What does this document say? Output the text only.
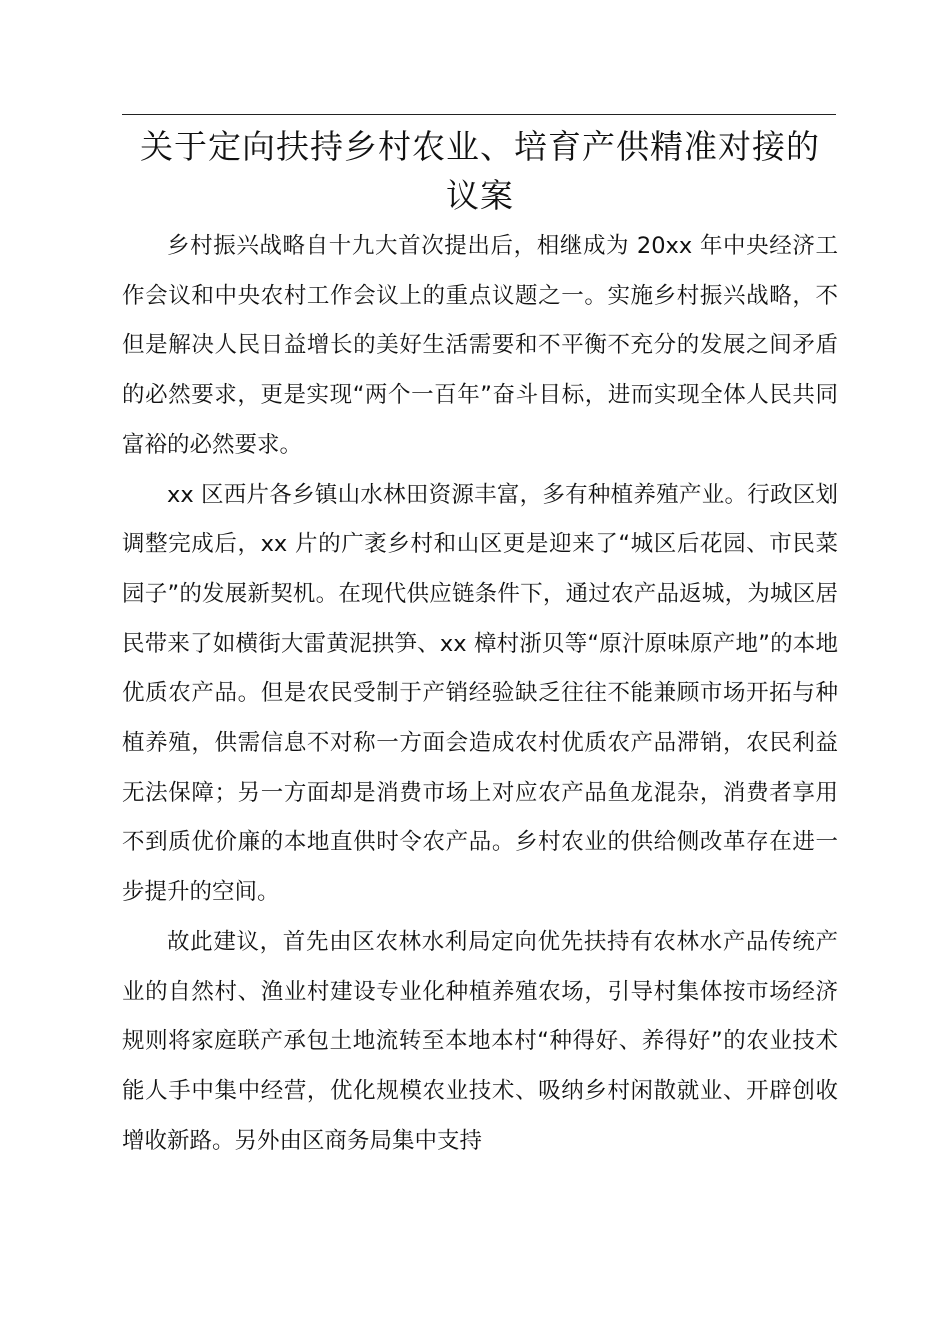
关于定向扶持乡村农业、培育产供精准对接的
议案

乡村振兴战略自十九大首次提出后，相继成为 20xx 年中央经济工作会议和中央农村工作会议上的重点议题之一。实施乡村振兴战略，不但是解决人民日益增长的美好生活需要和不平衡不充分的发展之间矛盾的必然要求，更是实现“两个一百年”奋斗目标，进而实现全体人民共同富裕的必然要求。

xx 区西片各乡镇山水林田资源丰富，多有种植养殖产业。行政区划调整完成后，xx 片的广袤乡村和山区更是迎来了“城区后花园、市民菜园子”的发展新契机。在现代供应链条件下，通过农产品返城，为城区居民带来了如横街大雷黄泥拱笋、xx 樟村浙贝等“原汁原味原产地”的本地优质农产品。但是农民受制于产销经验缺乏往往不能兼顾市场开拓与种植养殖，供需信息不对称一方面会造成农村优质农产品滞销，农民利益无法保障；另一方面却是消费市场上对应农产品鱼龙混杂，消费者享用不到质优价廉的本地直供时令农产品。乡村农业的供给侧改革存在进一步提升的空间。

故此建议，首先由区农林水利局定向优先扶持有农林水产品传统产业的自然村、渔业村建设专业化种植养殖农场，引导村集体按市场经济规则将家庭联产承包土地流转至本地本村“种得好、养得好”的农业技术能人手中集中经营，优化规模农业技术、吸纳乡村闲散就业、开辟创收增收新路。另外由区商务局集中支持
